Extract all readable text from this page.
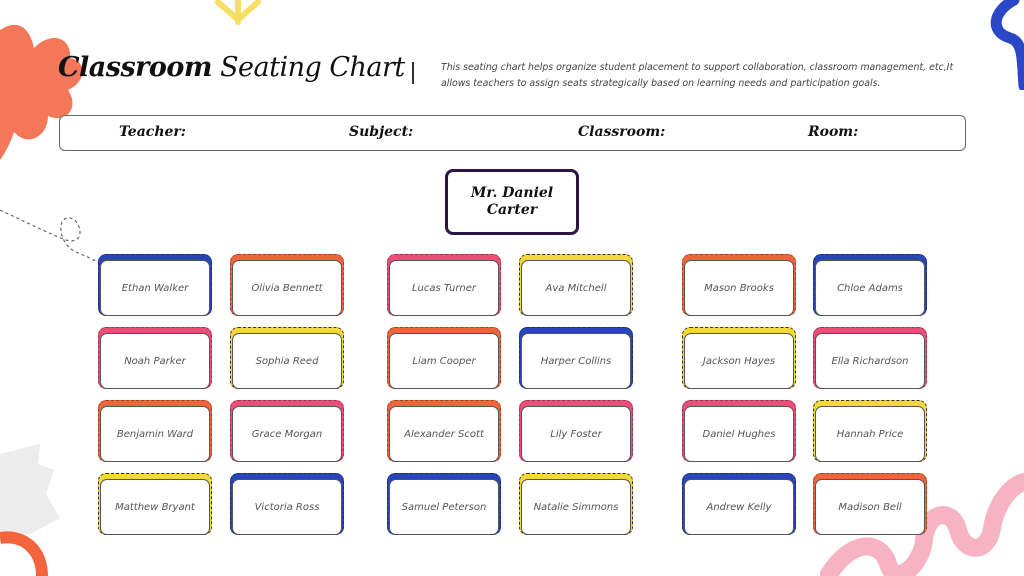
Classroom Seating Chart	This seating chart helps organize student placement to support collaboration, classroom management, etc,It allows teachers to assign seats strategically based on learning needs and participation goals.
Teacher:	Subject:	Classroom:	Room:
Mr. Daniel Carter
Ethan Walker	Olivia Bennett	Lucas Turner	Ava Mitchell	Mason Brooks	Chloe Adams
Noah Parker	Sophia Reed	Liam Cooper	Harper Collins	Jackson Hayes	Ella Richardson
Benjamin Ward	Grace Morgan	Alexander Scott	Lily Foster	Daniel Hughes	Hannah Price
Matthew Bryant	Victoria Ross	Samuel Peterson	Natalie Simmons	Andrew Kelly	Madison Bell
